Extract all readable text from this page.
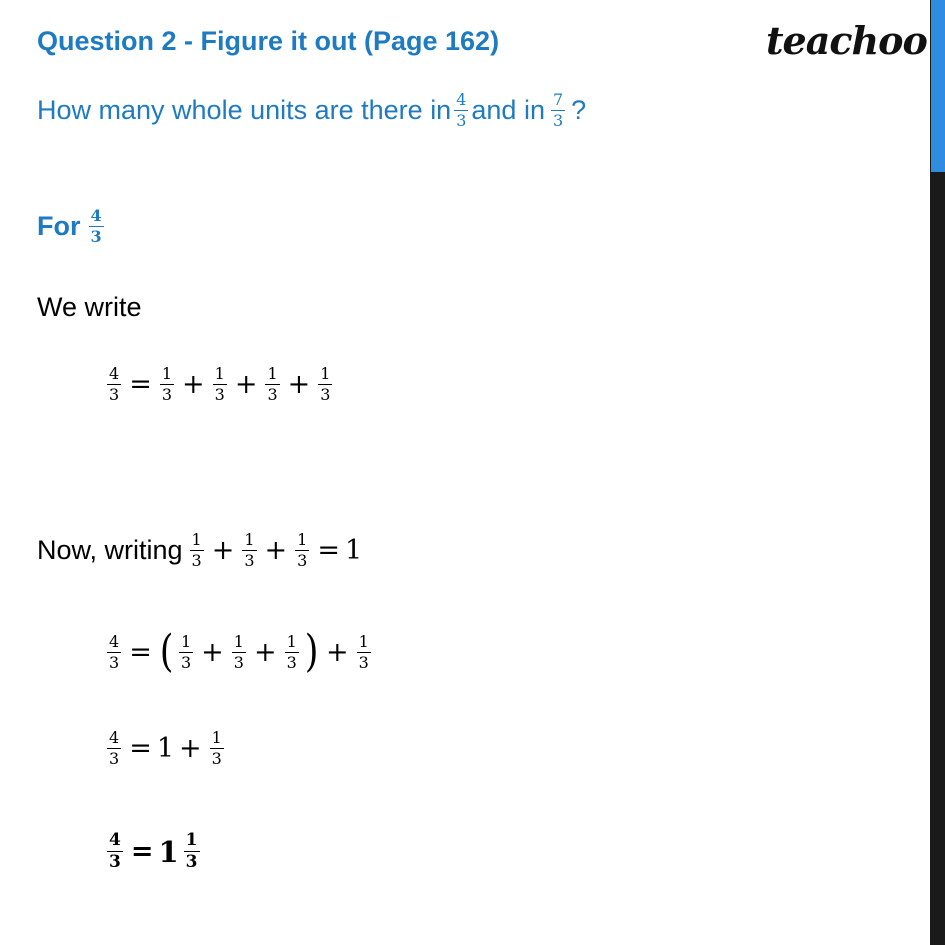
Question 2 - Figure it out (Page 162)	teachoo
How many whole units are there in $\frac{4}{3}$ and in $\frac{7}{3}$ ?
For $\frac{4}{3}$
We write
$\frac{4}{3} = \frac{1}{3} + \frac{1}{3} + \frac{1}{3} + \frac{1}{3}$
Now, writing $\frac{1}{3} + \frac{1}{3} + \frac{1}{3} = 1$
$\frac{4}{3}$ = ( $\frac{1}{3} + \frac{1}{3} + \frac{1}{3}$ ) + $\frac{1}{3}$
$\frac{4}{3} = 1 + \frac{1}{3}$
$\frac{4}{3} = 1 \frac{1}{3}$
